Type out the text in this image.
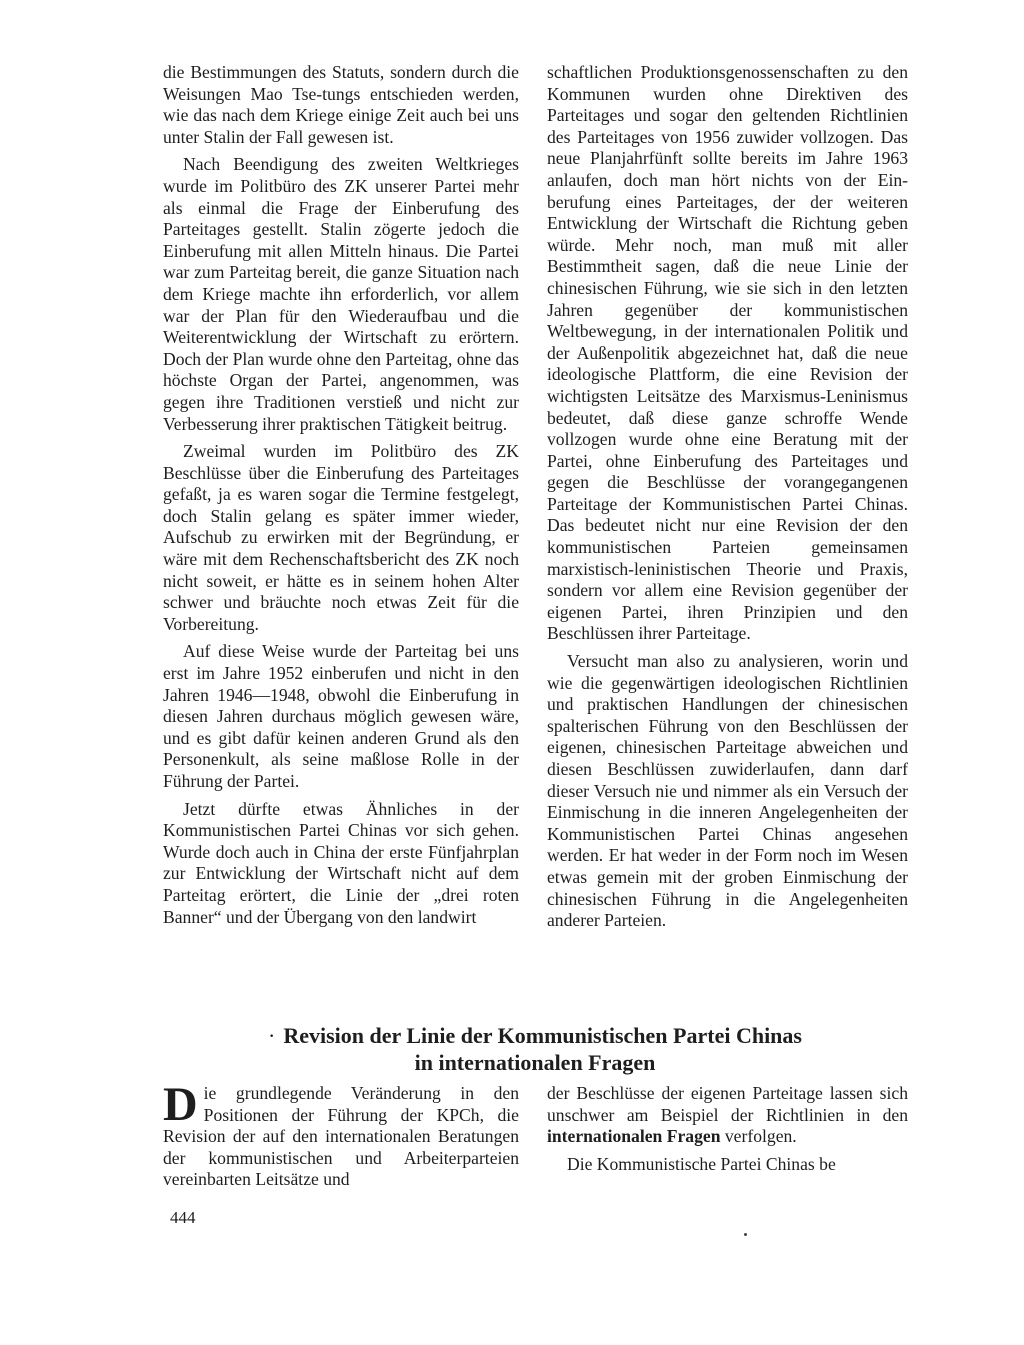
die Bestimmungen des Statuts, sondern durch die Weisungen Mao Tse-tungs entschieden werden, wie das nach dem Kriege einige Zeit auch bei uns unter Stalin der Fall gewesen ist.

Nach Beendigung des zweiten Weltkrieges wurde im Politbüro des ZK unserer Partei mehr als einmal die Frage der Einberufung des Parteitages gestellt. Stalin zögerte jedoch die Einberufung mit allen Mitteln hinaus. Die Partei war zum Parteitag bereit, die ganze Situation nach dem Kriege machte ihn erforderlich, vor allem war der Plan für den Wiederaufbau und die Weiterentwicklung der Wirtschaft zu erörtern. Doch der Plan wurde ohne den Parteitag, ohne das höchste Organ der Partei, angenommen, was gegen ihre Traditionen verstieß und nicht zur Verbesserung ihrer praktischen Tätigkeit beitrug.

Zweimal wurden im Politbüro des ZK Beschlüsse über die Einberufung des Parteitages gefaßt, ja es waren sogar die Termine festgelegt, doch Stalin gelang es später immer wieder, Aufschub zu erwirken mit der Begründung, er wäre mit dem Rechenschaftsbericht des ZK noch nicht soweit, er hätte es in seinem hohen Alter schwer und bräuchte noch etwas Zeit für die Vorbereitung.

Auf diese Weise wurde der Parteitag bei uns erst im Jahre 1952 einberufen und nicht in den Jahren 1946—1948, obwohl die Einberufung in diesen Jahren durchaus möglich gewesen wäre, und es gibt dafür keinen anderen Grund als den Personenkult, als seine maßlose Rolle in der Führung der Partei.

Jetzt dürfte etwas Ähnliches in der Kommunistischen Partei Chinas vor sich gehen. Wurde doch auch in China der erste Fünfjahrplan zur Entwicklung der Wirtschaft nicht auf dem Parteitag erörtert, die Linie der „drei roten Banner“ und der Übergang von den landwirt

schaftlichen Produktionsgenossenschaften zu den Kommunen wurden ohne Direktiven des Parteitages und sogar den geltenden Richtlinien des Parteitages von 1956 zuwider vollzogen. Das neue Planjahrfünft sollte bereits im Jahre 1963 anlaufen, doch man hört nichts von der Einberufung eines Parteitages, der der weiteren Entwicklung der Wirtschaft die Richtung geben würde. Mehr noch, man muß mit aller Bestimmtheit sagen, daß die neue Linie der chinesischen Führung, wie sie sich in den letzten Jahren gegenüber der kommunistischen Weltbewegung, in der internationalen Politik und der Außenpolitik abgezeichnet hat, daß die neue ideologische Plattform, die eine Revision der wichtigsten Leitsätze des Marxismus-Leninismus bedeutet, daß diese ganze schroffe Wende vollzogen wurde ohne eine Beratung mit der Partei, ohne Einberufung des Parteitages und gegen die Beschlüsse der vorangegangenen Parteitage der Kommunistischen Partei Chinas. Das bedeutet nicht nur eine Revision der den kommunistischen Parteien gemeinsamen marxistisch-leninistischen Theorie und Praxis, sondern vor allem eine Revision gegenüber der eigenen Partei, ihren Prinzipien und den Beschlüssen ihrer Parteitage.

Versucht man also zu analysieren, worin und wie die gegenwärtigen ideologischen Richtlinien und praktischen Handlungen der chinesischen spalterischen Führung von den Beschlüssen der eigenen, chinesischen Parteitage abweichen und diesen Beschlüssen zuwiderlaufen, dann darf dieser Versuch nie und nimmer als ein Versuch der Einmischung in die inneren Angelegenheiten der Kommunistischen Partei Chinas angesehen werden. Er hat weder in der Form noch im Wesen etwas gemein mit der groben Einmischung der chinesischen Führung in die Angelegenheiten anderer Parteien.

· Revision der Linie der Kommunistischen Partei Chinas
in internationalen Fragen

Die grundlegende Veränderung in den Positionen der Führung der KPCh, die Revision der auf den internationalen Beratungen der kommunistischen und Arbeiterparteien vereinbarten Leitsätze und

der Beschlüsse der eigenen Parteitage lassen sich unschwer am Beispiel der Richtlinien in den internationalen Fragen verfolgen.

Die Kommunistische Partei Chinas be

444
